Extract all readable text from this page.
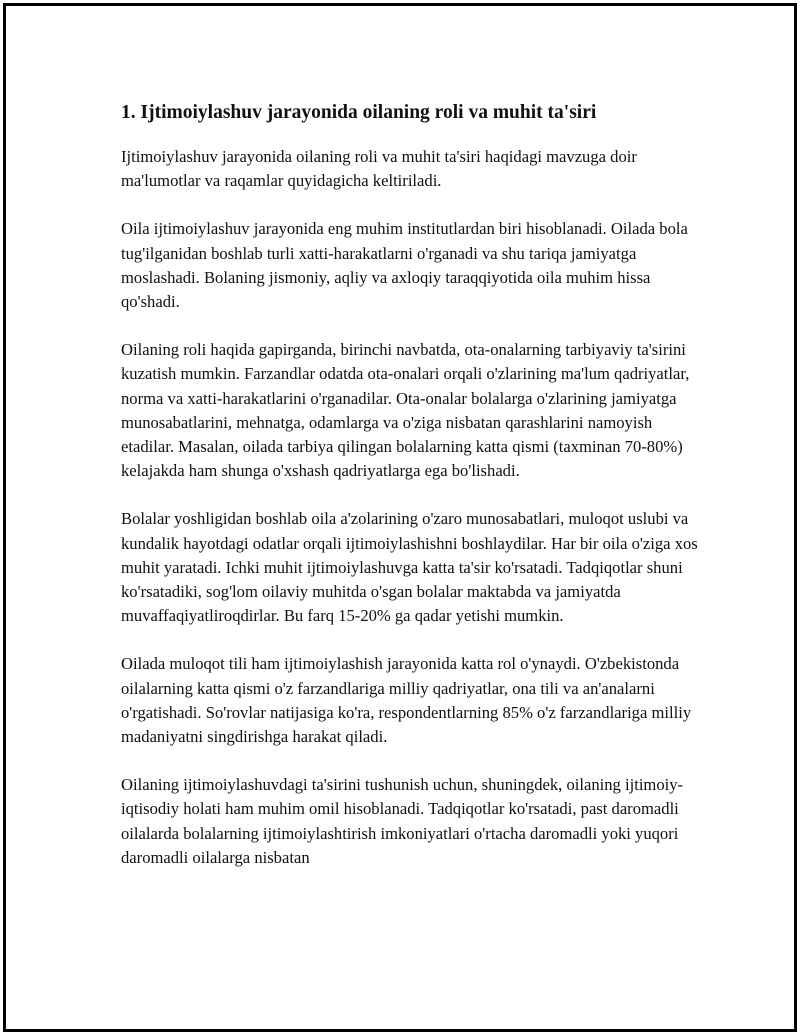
1. Ijtimoiylashuv jarayonida oilaning roli va muhit ta'siri

Ijtimoiylashuv jarayonida oilaning roli va muhit ta'siri haqidagi mavzuga doir ma'lumotlar va raqamlar quyidagicha keltiriladi.

Oila ijtimoiylashuv jarayonida eng muhim institutlardan biri hisoblanadi. Oilada bola tug'ilganidan boshlab turli xatti-harakatlarni o'rganadi va shu tariqa jamiyatga moslashadi. Bolaning jismoniy, aqliy va axloqiy taraqqiyotida oila muhim hissa qo'shadi.

Oilaning roli haqida gapirganda, birinchi navbatda, ota-onalarning tarbiyaviy ta'sirini kuzatish mumkin. Farzandlar odatda ota-onalari orqali o'zlarining ma'lum qadriyatlar, norma va xatti-harakatlarini o'rganadilar. Ota-onalar bolalarga o'zlarining jamiyatga munosabatlarini, mehnatga, odamlarga va o'ziga nisbatan qarashlarini namoyish etadilar. Masalan, oilada tarbiya qilingan bolalarning katta qismi (taxminan 70-80%) kelajakda ham shunga o'xshash qadriyatlarga ega bo'lishadi.

Bolalar yoshligidan boshlab oila a'zolarining o'zaro munosabatlari, muloqot uslubi va kundalik hayotdagi odatlar orqali ijtimoiylashishni boshlaydilar. Har bir oila o'ziga xos muhit yaratadi. Ichki muhit ijtimoiylashuvga katta ta'sir ko'rsatadi. Tadqiqotlar shuni ko'rsatadiki, sog'lom oilaviy muhitda o'sgan bolalar maktabda va jamiyatda muvaffaqiyatliroqdirlar. Bu farq 15-20% ga qadar yetishi mumkin.

Oilada muloqot tili ham ijtimoiylashish jarayonida katta rol o'ynaydi. O'zbekistonda oilalarning katta qismi o'z farzandlariga milliy qadriyatlar, ona tili va an'analarni o'rgatishadi. So'rovlar natijasiga ko'ra, respondentlarning 85% o'z farzandlariga milliy madaniyatni singdirishga harakat qiladi.

Oilaning ijtimoiylashuvdagi ta'sirini tushunish uchun, shuningdek, oilaning ijtimoiy-iqtisodiy holati ham muhim omil hisoblanadi. Tadqiqotlar ko'rsatadi, past daromadli oilalarda bolalarning ijtimoiylashtirish imkoniyatlari o'rtacha daromadli yoki yuqori daromadli oilalarga nisbatan
